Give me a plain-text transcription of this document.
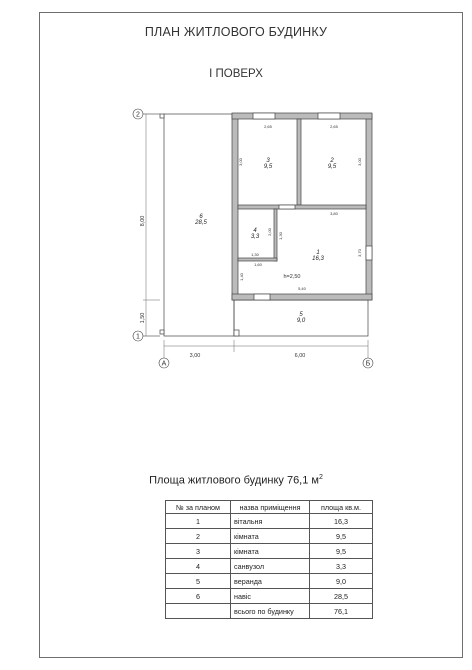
ПЛАН ЖИТЛОВОГО БУДИНКУ
І ПОВЕРХ
2
1
А	Б
8,00
1,50
3,00	6,00
2,65	2,65
3,00	3,00
3,80
1,30
2,00
1,30
3,70
1,60
5,40
1,40	h=2,50
1
16,3
2
9,5
3
9,5
4
3,3
5
9,0
6
28,5
Площа житлового будинку 76,1 $м^2$
№ за планом	назва приміщення	площа кв.м.
1	вітальня	16,3
2	кімната	9,5
3	кімната	9,5
4	санвузол	3,3
5	веранда	9,0
6	навіс	28,5
	всього по будинку	76,1
